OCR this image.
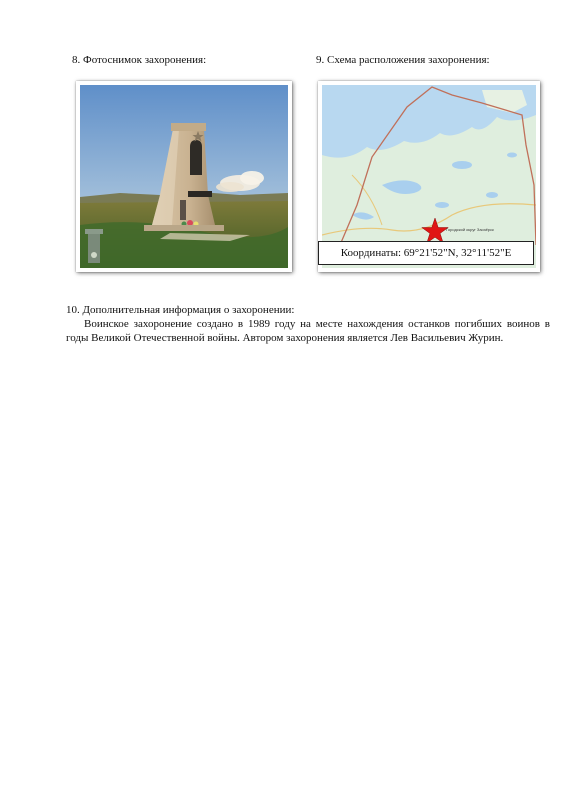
8. Фотоснимок захоронения:	9. Схема расположения захоронения:
Городской округ Заозёрск
Координаты: 69°21'52"N, 32°11'52"E
10. Дополнительная информация о захоронении:

Воинское захоронение создано в 1989 году на месте нахождения останков погибших воинов в годы Великой Отечественной войны. Автором захоронения является Лев Васильевич Журин.
